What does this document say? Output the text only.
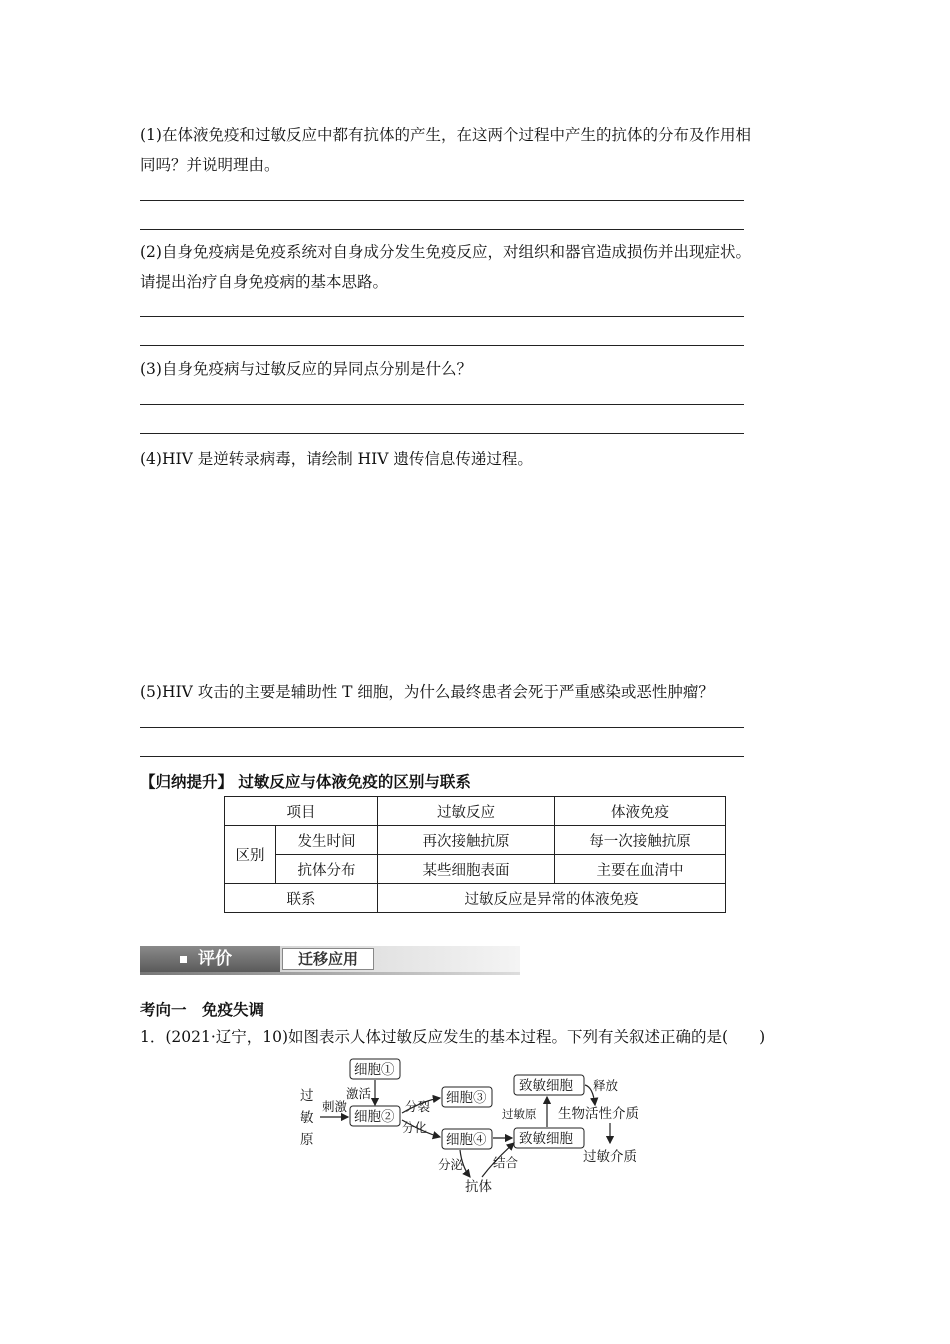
(1)在体液免疫和过敏反应中都有抗体的产生，在这两个过程中产生的抗体的分布及作用相
同吗？并说明理由。
(2)自身免疫病是免疫系统对自身成分发生免疫反应，对组织和器官造成损伤并出现症状。
请提出治疗自身免疫病的基本思路。
(3)自身免疫病与过敏反应的异同点分别是什么？
(4)HIV 是逆转录病毒，请绘制 HIV 遗传信息传递过程。
(5)HIV 攻击的主要是辅助性 T 细胞，为什么最终患者会死于严重感染或恶性肿瘤？
【归纳提升】 过敏反应与体液免疫的区别与联系
项目		过敏反应	体液免疫
区别	发生时间	再次接触抗原	每一次接触抗原
	抗体分布	某些细胞表面	主要在血清中
联系		过敏反应是异常的体液免疫	
评价	迁移应用
考向一　免疫失调
1．(2021·辽宁，10)如图表示人体过敏反应发生的基本过程。下列有关叙述正确的是(　　)
过
敏
原
刺激
细胞①
激活
细胞②
分裂
分化
细胞③
细胞④
致敏细胞
致敏细胞
过敏原
释放
生物活性介质
过敏介质
分泌 结合
抗体
